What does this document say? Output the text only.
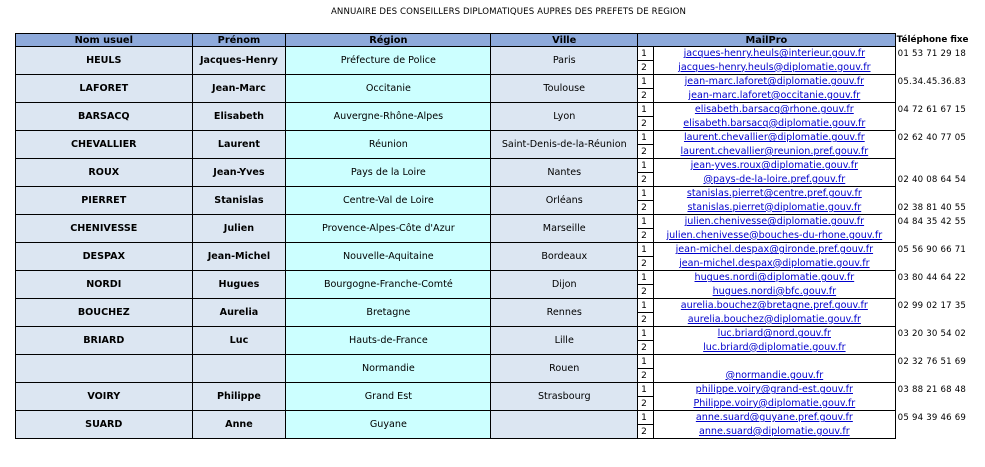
ANNUAIRE DES CONSEILLERS DIPLOMATIQUES AUPRES DES PREFETS DE REGION
Nom usuel	Prénom	Région	Ville	MailPro		Téléphone fixe
HEULS	Jacques-Henry	Préfecture de Police	Paris	1	jacques-henry.heuls@interieur.gouv.fr	01 53 71 29 18
				2	jacques-henry.heuls@diplomatie.gouv.fr	
LAFORET	Jean-Marc	Occitanie	Toulouse	1	jean-marc.laforet@diplomatie.gouv.fr	05.34.45.36.83
				2	jean-marc.laforet@occitanie.gouv.fr	
BARSACQ	Elisabeth	Auvergne-Rhône-Alpes	Lyon	1	elisabeth.barsacq@rhone.gouv.fr	04 72 61 67 15
				2	elisabeth.barsacq@diplomatie.gouv.fr	
CHEVALLIER	Laurent	Réunion	Saint-Denis-de-la-Réunion	1	laurent.chevallier@diplomatie.gouv.fr	02 62 40 77 05
				2	laurent.chevallier@reunion.pref.gouv.fr	
ROUX	Jean-Yves	Pays de la Loire	Nantes	1	jean-yves.roux@diplomatie.gouv.fr	
				2	@pays-de-la-loire.pref.gouv.fr	02 40 08 64 54
PIERRET	Stanislas	Centre-Val de Loire	Orléans	1	stanislas.pierret@centre.pref.gouv.fr	
				2	stanislas.pierret@diplomatie.gouv.fr	02 38 81 40 55
CHENIVESSE	Julien	Provence-Alpes-Côte d'Azur	Marseille	1	julien.chenivesse@diplomatie.gouv.fr	04 84 35 42 55
				2	julien.chenivesse@bouches-du-rhone.gouv.fr	
DESPAX	Jean-Michel	Nouvelle-Aquitaine	Bordeaux	1	jean-michel.despax@gironde.pref.gouv.fr	05 56 90 66 71
				2	jean-michel.despax@diplomatie.gouv.fr	
NORDI	Hugues	Bourgogne-Franche-Comté	Dijon	1	hugues.nordi@diplomatie.gouv.fr	03 80 44 64 22
				2	hugues.nordi@bfc.gouv.fr	
BOUCHEZ	Aurelia	Bretagne	Rennes	1	aurelia.bouchez@bretagne.pref.gouv.fr	02 99 02 17 35
				2	aurelia.bouchez@diplomatie.gouv.fr	
BRIARD	Luc	Hauts-de-France	Lille	1	luc.briard@nord.gouv.fr	03 20 30 54 02
				2	luc.briard@diplomatie.gouv.fr	
		Normandie	Rouen	1		02 32 76 51 69
				2	@normandie.gouv.fr	
VOIRY	Philippe	Grand Est	Strasbourg	1	philippe.voiry@grand-est.gouv.fr	03 88 21 68 48
				2	Philippe.voiry@diplomatie.gouv.fr	
SUARD	Anne	Guyane		1	anne.suard@guyane.pref.gouv.fr	05 94 39 46 69
				2	anne.suard@diplomatie.gouv.fr	
